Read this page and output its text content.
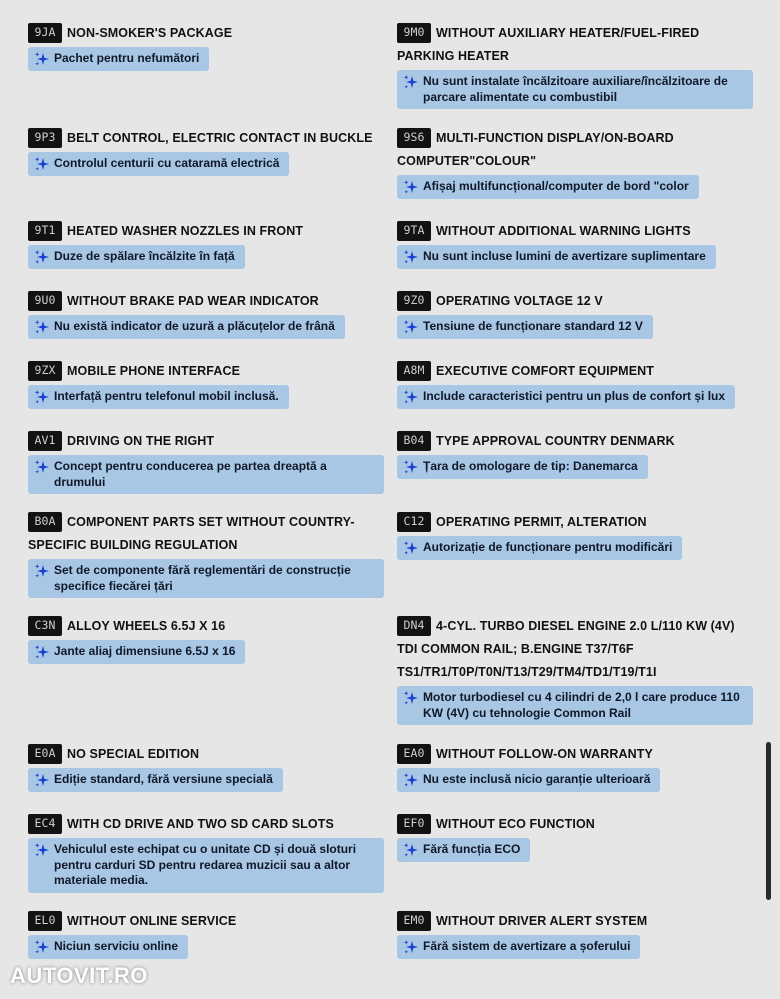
9JA NON-SMOKER'S PACKAGE
Pachet pentru nefumători
9M0 WITHOUT AUXILIARY HEATER/FUEL-FIRED PARKING HEATER
Nu sunt instalate încălzitoare auxiliare/încălzitoare de parcare alimentate cu combustibil
9P3 BELT CONTROL, ELECTRIC CONTACT IN BUCKLE
Controlul centurii cu cataramă electrică
9S6 MULTI-FUNCTION DISPLAY/ON-BOARD COMPUTER"COLOUR"
Afișaj multifuncțional/computer de bord "color
9T1 HEATED WASHER NOZZLES IN FRONT
Duze de spălare încălzite în față
9TA WITHOUT ADDITIONAL WARNING LIGHTS
Nu sunt incluse lumini de avertizare suplimentare
9U0 WITHOUT BRAKE PAD WEAR INDICATOR
Nu există indicator de uzură a plăcuțelor de frână
9Z0 OPERATING VOLTAGE 12 V
Tensiune de funcționare standard 12 V
9ZX MOBILE PHONE INTERFACE
Interfață pentru telefonul mobil inclusă.
A8M EXECUTIVE COMFORT EQUIPMENT
Include caracteristici pentru un plus de confort și lux
AV1 DRIVING ON THE RIGHT
Concept pentru conducerea pe partea dreaptă a drumului
B04 TYPE APPROVAL COUNTRY DENMARK
Țara de omologare de tip: Danemarca
B0A COMPONENT PARTS SET WITHOUT COUNTRY-SPECIFIC BUILDING REGULATION
Set de componente fără reglementări de construcție specifice fiecărei țări
C12 OPERATING PERMIT, ALTERATION
Autorizație de funcționare pentru modificări
C3N ALLOY WHEELS 6.5J X 16
Jante aliaj dimensiune 6.5J x 16
DN4 4-CYL. TURBO DIESEL ENGINE 2.0 L/110 KW (4V) TDI COMMON RAIL; B.ENGINE T37/T6F TS1/TR1/T0P/T0N/T13/T29/TM4/TD1/T19/T1I
Motor turbodiesel cu 4 cilindri de 2,0 l care produce 110 KW (4V) cu tehnologie Common Rail
E0A NO SPECIAL EDITION
Ediție standard, fără versiune specială
EA0 WITHOUT FOLLOW-ON WARRANTY
Nu este inclusă nicio garanție ulterioară
EC4 WITH CD DRIVE AND TWO SD CARD SLOTS
Vehiculul este echipat cu o unitate CD și două sloturi pentru carduri SD pentru redarea muzicii sau a altor materiale media.
EF0 WITHOUT ECO FUNCTION
Fără funcția ECO
EL0 WITHOUT ONLINE SERVICE
Niciun serviciu online
EM0 WITHOUT DRIVER ALERT SYSTEM
Fără sistem de avertizare a șoferului
AUTOVIT.RO
